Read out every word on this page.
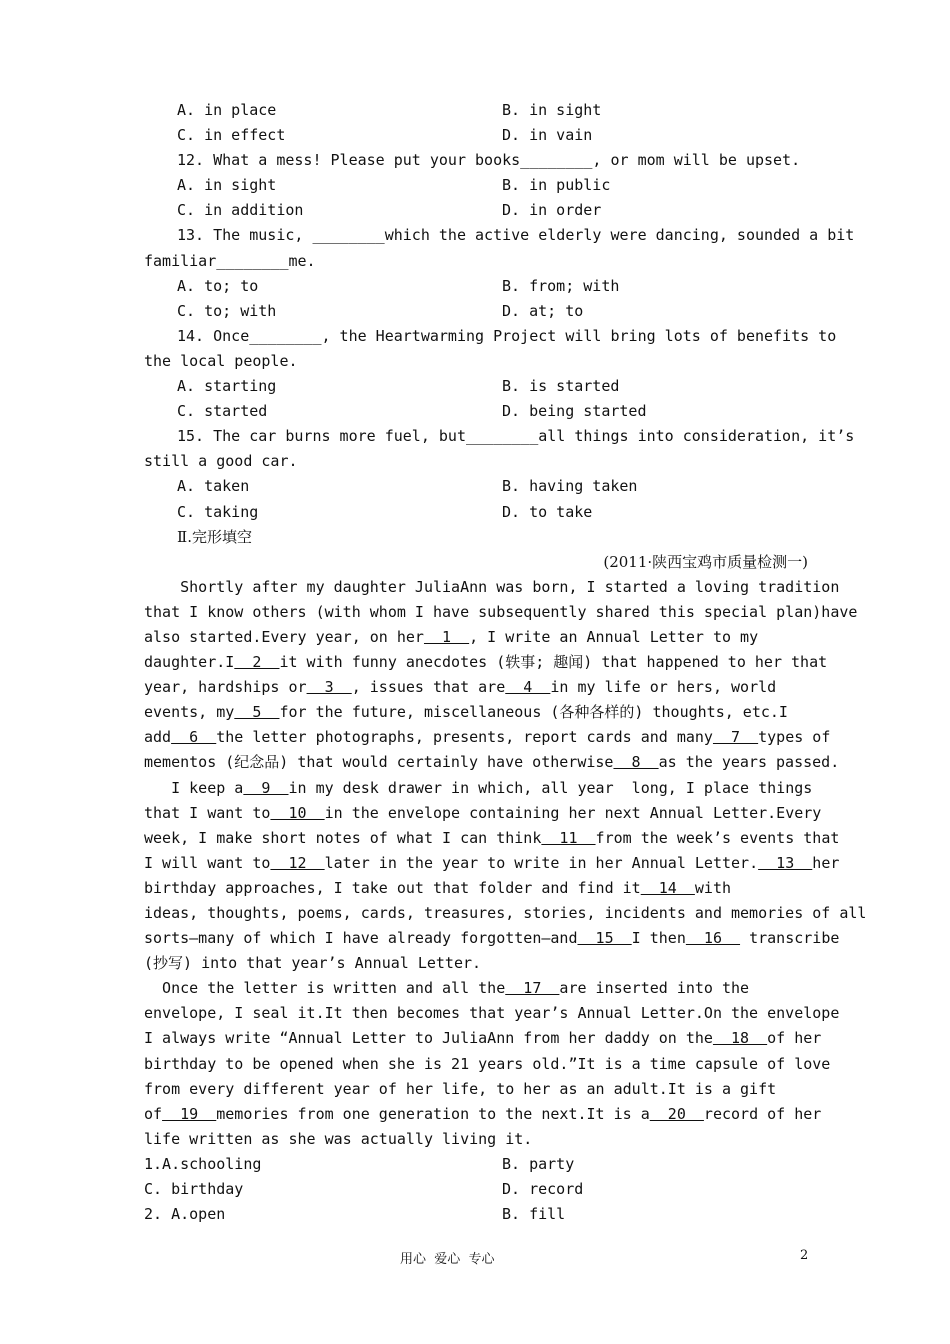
A. in place	B. in sight
C. in effect	D. in vain
12. What a mess! Please put your books________, or mom will be upset.
A. in sight	B. in public
C. in addition	D. in order
13. The music, ________which the active elderly were dancing, sounded a bit
familiar________me.
A. to; to	B. from; with
C. to; with	D. at; to
14. Once________, the Heartwarming Project will bring lots of benefits to
the local people.
A. starting	B. is started
C. started	D. being started
15. The car burns more fuel, but________all things into consideration, it’s
still a good car.
A. taken	B. having taken
C. taking	D. to take
Ⅱ.完形填空
(2011·陕西宝鸡市质量检测一)
Shortly after my daughter JuliaAnn was born, I started a loving tradition
that I know others (with whom I have subsequently shared this special plan)have
also started.Every year, on her  1  , I write an Annual Letter to my
daughter.I  2  it with funny anecdotes (轶事; 趣闻) that happened to her that
year, hardships or  3  , issues that are  4  in my life or hers, world
events, my  5  for the future, miscellaneous (各种各样的) thoughts, etc.I
add  6  the letter photographs, presents, report cards and many  7  types of
mementos (纪念品) that would certainly have otherwise  8  as the years passed.
I keep a  9  in my desk drawer in which, all year  long, I place things
that I want to  10  in the envelope containing her next Annual Letter.Every
week, I make short notes of what I can think  11  from the week’s events that
I will want to  12  later in the year to write in her Annual Letter.  13  her
birthday approaches, I take out that folder and find it  14  with
ideas, thoughts, poems, cards, treasures, stories, incidents and memories of all
sorts—many of which I have already forgotten—and  15  I then  16   transcribe
(抄写) into that year’s Annual Letter.
Once the letter is written and all the  17  are inserted into the
envelope, I seal it.It then becomes that year’s Annual Letter.On the envelope
I always write “Annual Letter to JuliaAnn from her daddy on the  18  of her
birthday to be opened when she is 21 years old.”It is a time capsule of love
from every different year of her life, to her as an adult.It is a gift
of  19  memories from one generation to the next.It is a  20  record of her
life written as she was actually living it.
1.A.schooling	B. party
C. birthday	D. record
2. A.open	B. fill
用心  爱心  专心	2
